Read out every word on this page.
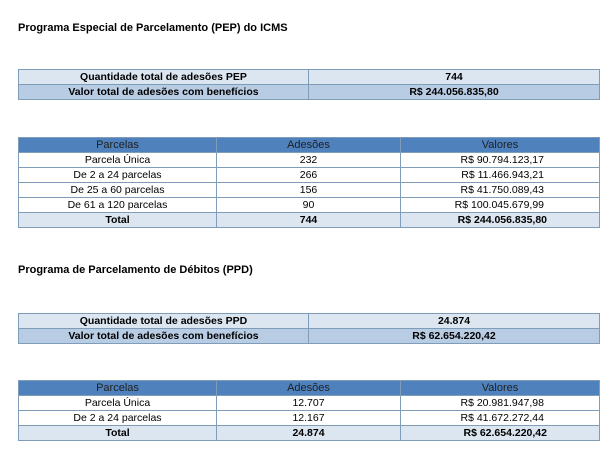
Programa Especial de Parcelamento (PEP) do ICMS
Quantidade total de adesões PEP	744
Valor total de adesões com benefícios	R$ 244.056.835,80
Parcelas	Adesões	Valores
Parcela Única	232	R$ 90.794.123,17
De 2 a 24 parcelas	266	R$ 11.466.943,21
De 25 a 60 parcelas	156	R$ 41.750.089,43
De 61 a 120 parcelas	90	R$ 100.045.679,99
Total	744	R$ 244.056.835,80
Programa de Parcelamento de Débitos (PPD)
Quantidade total de adesões PPD	24.874
Valor total de adesões com benefícios	R$ 62.654.220,42
Parcelas	Adesões	Valores
Parcela Única	12.707	R$ 20.981.947,98
De 2 a 24 parcelas	12.167	R$ 41.672.272,44
Total	24.874	R$ 62.654.220,42
